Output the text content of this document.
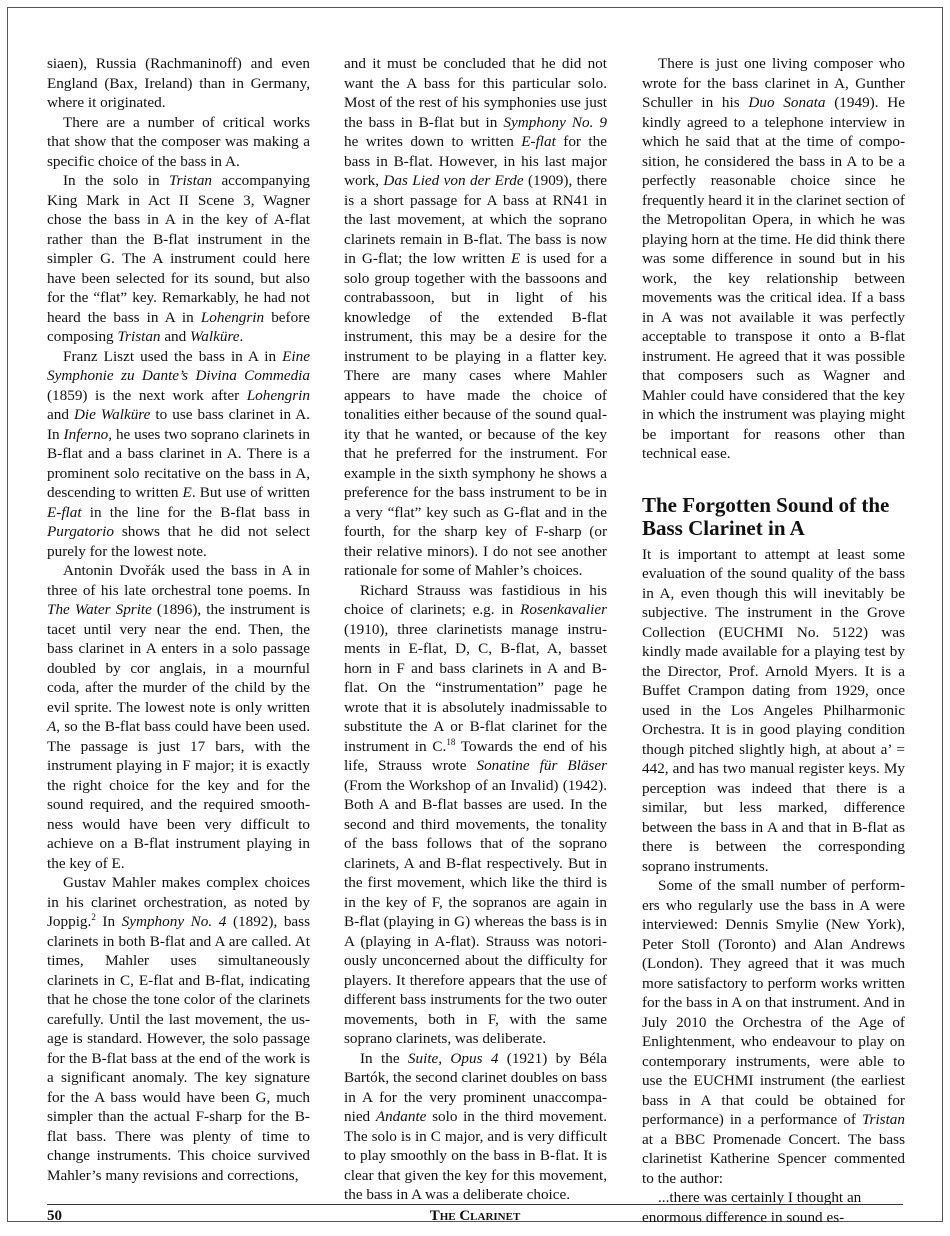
siaen), Russia (Rachmaninoff) and even England (Bax, Ireland) than in Germany, where it originated.

There are a number of critical works that show that the composer was making a specific choice of the bass in A.

In the solo in Tristan accompanying King Mark in Act II Scene 3, Wagner chose the bass in A in the key of A-flat rather than the B-flat instrument in the simpler G. The A instrument could here have been selected for its sound, but also for the “flat” key. Remarkably, he had not heard the bass in A in Lohengrin before composing Tristan and Walküre.

Franz Liszt used the bass in A in Eine Symphonie zu Dante’s Divina Commedia (1859) is the next work after Lohengrin and Die Walküre to use bass clarinet in A. In Inferno, he uses two soprano clarinets in B-flat and a bass clarinet in A. There is a prominent solo recitative on the bass in A, descending to written E. But use of written E-flat in the line for the B-flat bass in Purgatorio shows that he did not select purely for the lowest note.

Antonin Dvořák used the bass in A in three of his late orchestral tone poems. In The Water Sprite (1896), the instrument is tacet until very near the end. Then, the bass clarinet in A enters in a solo passage doubled by cor anglais, in a mournful coda, after the murder of the child by the evil sprite. The lowest note is only written A, so the B-flat bass could have been used. The passage is just 17 bars, with the instrument playing in F major; it is exactly the right choice for the key and for the sound required, and the required smoothness would have been very difficult to achieve on a B-flat instrument playing in the key of E.

Gustav Mahler makes complex choices in his clarinet orchestration, as noted by Joppig.$^2$ In Symphony No. 4 (1892), bass clarinets in both B-flat and A are called. At times, Mahler uses simultaneously clarinets in C, E-flat and B-flat, indicating that he chose the tone color of the clarinets carefully. Until the last movement, the usage is standard. However, the solo passage for the B-flat bass at the end of the work is a significant anomaly. The key signature for the A bass would have been G, much simpler than the actual F-sharp for the B-flat bass. There was plenty of time to change instruments. This choice survived Mahler’s many revisions and corrections,

and it must be concluded that he did not want the A bass for this particular solo. Most of the rest of his symphonies use just the bass in B-flat but in Symphony No. 9 he writes down to written E-flat for the bass in B-flat. However, in his last major work, Das Lied von der Erde (1909), there is a short passage for A bass at RN41 in the last movement, at which the soprano clarinets remain in B-flat. The bass is now in G-flat; the low written E is used for a solo group together with the bassoons and contrabassoon, but in light of his knowledge of the extended B-flat instrument, this may be a desire for the instrument to be playing in a flatter key. There are many cases where Mahler appears to have made the choice of tonalities either because of the sound quality that he wanted, or because of the key that he preferred for the instrument. For example in the sixth symphony he shows a preference for the bass instrument to be in a very “flat” key such as G-flat and in the fourth, for the sharp key of F-sharp (or their relative minors). I do not see another rationale for some of Mahler’s choices.

Richard Strauss was fastidious in his choice of clarinets; e.g. in Rosenkavalier (1910), three clarinetists manage instruments in E-flat, D, C, B-flat, A, basset horn in F and bass clarinets in A and B-flat. On the “instrumentation” page he wrote that it is absolutely inadmissable to substitute the A or B-flat clarinet for the instrument in C.$^{18}$ Towards the end of his life, Strauss wrote Sonatine für Bläser (From the Workshop of an Invalid) (1942). Both A and B-flat basses are used. In the second and third movements, the tonality of the bass follows that of the soprano clarinets, A and B-flat respectively. But in the first movement, which like the third is in the key of F, the sopranos are again in B-flat (playing in G) whereas the bass is in A (playing in A-flat). Strauss was notoriously unconcerned about the difficulty for players. It therefore appears that the use of different bass instruments for the two outer movements, both in F, with the same soprano clarinets, was deliberate.

In the Suite, Opus 4 (1921) by Béla Bartók, the second clarinet doubles on bass in A for the very prominent unaccompanied Andante solo in the third movement. The solo is in C major, and is very difficult to play smoothly on the bass in B-flat. It is clear that given the key for this movement, the bass in A was a deliberate choice.

There is just one living composer who wrote for the bass clarinet in A, Gunther Schuller in his Duo Sonata (1949). He kindly agreed to a telephone interview in which he said that at the time of composition, he considered the bass in A to be a perfectly reasonable choice since he frequently heard it in the clarinet section of the Metropolitan Opera, in which he was playing horn at the time. He did think there was some difference in sound but in his work, the key relationship between movements was the critical idea. If a bass in A was not available it was perfectly acceptable to transpose it onto a B-flat instrument. He agreed that it was possible that composers such as Wagner and Mahler could have considered that the key in which the instrument was playing might be important for reasons other than technical ease.

The Forgotten Sound of the Bass Clarinet in A

It is important to attempt at least some evaluation of the sound quality of the bass in A, even though this will inevitably be subjective. The instrument in the Grove Collection (EUCHMI No. 5122) was kindly made available for a playing test by the Director, Prof. Arnold Myers. It is a Buffet Crampon dating from 1929, once used in the Los Angeles Philharmonic Orchestra. It is in good playing condition though pitched slightly high, at about a’ = 442, and has two manual register keys. My perception was indeed that there is a similar, but less marked, difference between the bass in A and that in B-flat as there is between the corresponding soprano instruments.

Some of the small number of performers who regularly use the bass in A were interviewed: Dennis Smylie (New York), Peter Stoll (Toronto) and Alan Andrews (London). They agreed that it was much more satisfactory to perform works written for the bass in A on that instrument. And in July 2010 the Orchestra of the Age of Enlightenment, who endeavour to play on contemporary instruments, were able to use the EUCHMI instrument (the earliest bass in A that could be obtained for performance) in a performance of Tristan at a BBC Promenade Concert. The bass clarinetist Katherine Spencer commented to the author:

...there was certainly I thought an enormous difference in sound es-

50	The Clarinet
